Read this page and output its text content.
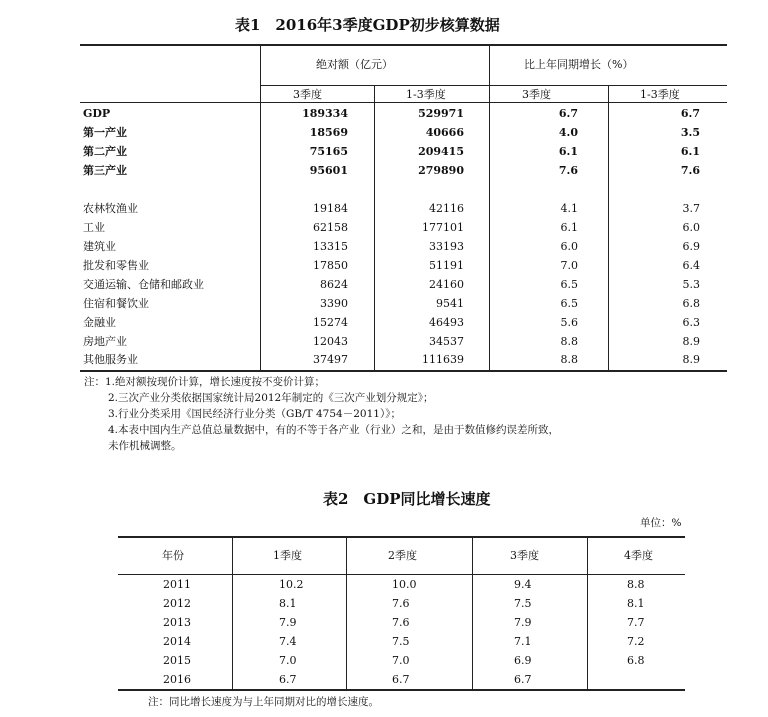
表1　2016年3季度GDP初步核算数据
绝对额（亿元）	比上年同期增长（%）
3季度	1-3季度	3季度	1-3季度
GDP	189334	529971	6.7	6.7
第一产业	18569	40666	4.0	3.5
第二产业	75165	209415	6.1	6.1
第三产业	95601	279890	7.6	7.6
农林牧渔业	19184	42116	4.1	3.7
工业	62158	177101	6.1	6.0
建筑业	13315	33193	6.0	6.9
批发和零售业	17850	51191	7.0	6.4
交通运输、仓储和邮政业	8624	24160	6.5	5.3
住宿和餐饮业	3390	9541	6.5	6.8
金融业	15274	46493	5.6	6.3
房地产业	12043	34537	8.8	8.9
其他服务业	37497	111639	8.8	8.9
注：1.绝对额按现价计算，增长速度按不变价计算；
2.三次产业分类依据国家统计局2012年制定的《三次产业划分规定》；
3.行业分类采用《国民经济行业分类（GB/T 4754－2011）》；
4.本表中国内生产总值总量数据中，有的不等于各产业（行业）之和，是由于数值修约误差所致，
未作机械调整。
表2　GDP同比增长速度
单位：%
年份	1季度	2季度	3季度	4季度
2011	10.2	10.0	9.4	8.8
2012	8.1	7.6	7.5	8.1
2013	7.9	7.6	7.9	7.7
2014	7.4	7.5	7.1	7.2
2015	7.0	7.0	6.9	6.8
2016	6.7	6.7	6.7
注：同比增长速度为与上年同期对比的增长速度。
